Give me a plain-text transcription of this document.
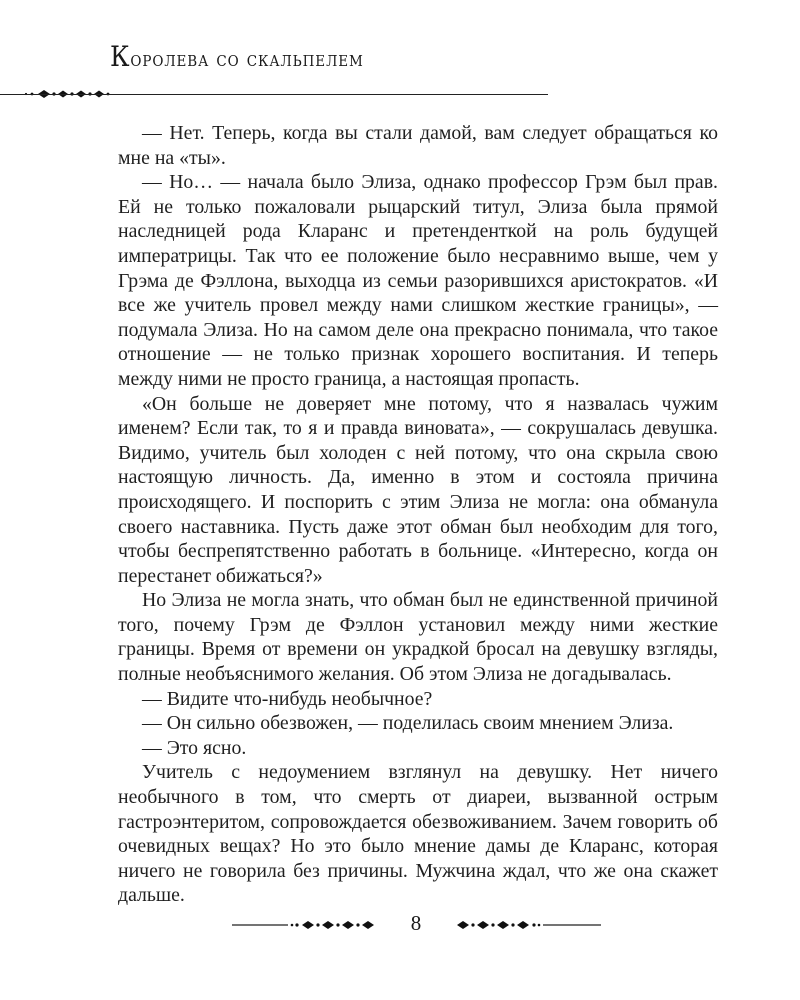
Королева со скальпелем

— Нет. Теперь, когда вы стали дамой, вам следует обращаться ко мне на «ты».

— Но… — начала было Элиза, однако профессор Грэм был прав. Ей не только пожаловали рыцарский титул, Элиза была прямой наследницей рода Кларанс и претенденткой на роль будущей императрицы. Так что ее положение было несравнимо выше, чем у Грэма де Фэллона, выходца из семьи разорившихся аристократов. «И все же учитель провел между нами слишком жесткие границы», — подумала Элиза. Но на самом деле она прекрасно понимала, что такое отношение — не только признак хорошего воспитания. И теперь между ними не просто граница, а настоящая пропасть.

«Он больше не доверяет мне потому, что я назвалась чужим именем? Если так, то я и правда виновата», — сокрушалась девушка. Видимо, учитель был холоден с ней потому, что она скрыла свою настоящую личность. Да, именно в этом и состояла причина происходящего. И поспорить с этим Элиза не могла: она обманула своего наставника. Пусть даже этот обман был необходим для того, чтобы беспрепятственно работать в больнице. «Интересно, когда он перестанет обижаться?»

Но Элиза не могла знать, что обман был не единственной причиной того, почему Грэм де Фэллон установил между ними жесткие границы. Время от времени он украдкой бросал на девушку взгляды, полные необъяснимого желания. Об этом Элиза не догадывалась.

— Видите что-нибудь необычное?

— Он сильно обезвожен, — поделилась своим мнением Элиза.

— Это ясно.

Учитель с недоумением взглянул на девушку. Нет ничего необычного в том, что смерть от диареи, вызванной острым гастроэнтеритом, сопровождается обезвоживанием. Зачем говорить об очевидных вещах? Но это было мнение дамы де Кларанс, которая ничего не говорила без причины. Мужчина ждал, что же она скажет дальше.

8
